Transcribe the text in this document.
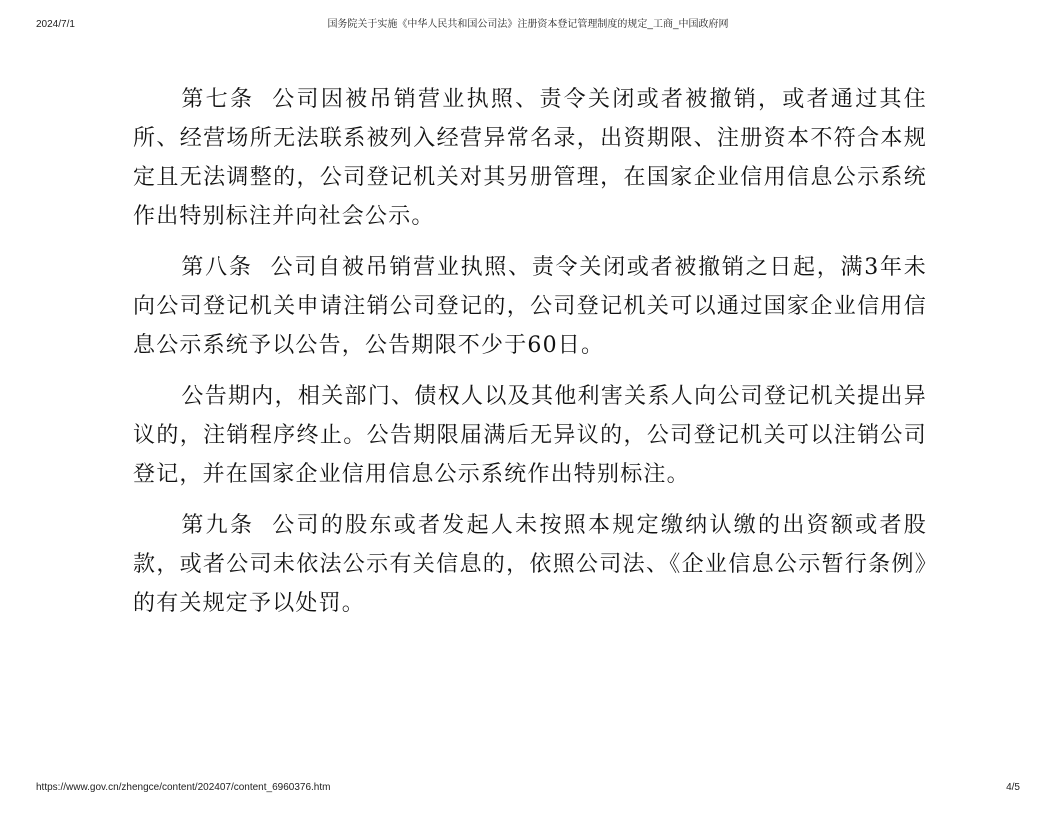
2024/7/1	国务院关于实施《中华人民共和国公司法》注册资本登记管理制度的规定_工商_中国政府网

第七条 公司因被吊销营业执照、责令关闭或者被撤销，或者通过其住所、经营场所无法联系被列入经营异常名录，出资期限、注册资本不符合本规定且无法调整的，公司登记机关对其另册管理，在国家企业信用信息公示系统作出特别标注并向社会公示。

第八条 公司自被吊销营业执照、责令关闭或者被撤销之日起，满3年未向公司登记机关申请注销公司登记的，公司登记机关可以通过国家企业信用信息公示系统予以公告，公告期限不少于60日。

公告期内，相关部门、债权人以及其他利害关系人向公司登记机关提出异议的，注销程序终止。公告期限届满后无异议的，公司登记机关可以注销公司登记，并在国家企业信用信息公示系统作出特别标注。

第九条 公司的股东或者发起人未按照本规定缴纳认缴的出资额或者股款，或者公司未依法公示有关信息的，依照公司法、《企业信息公示暂行条例》的有关规定予以处罚。

https://www.gov.cn/zhengce/content/202407/content_6960376.htm	4/5
